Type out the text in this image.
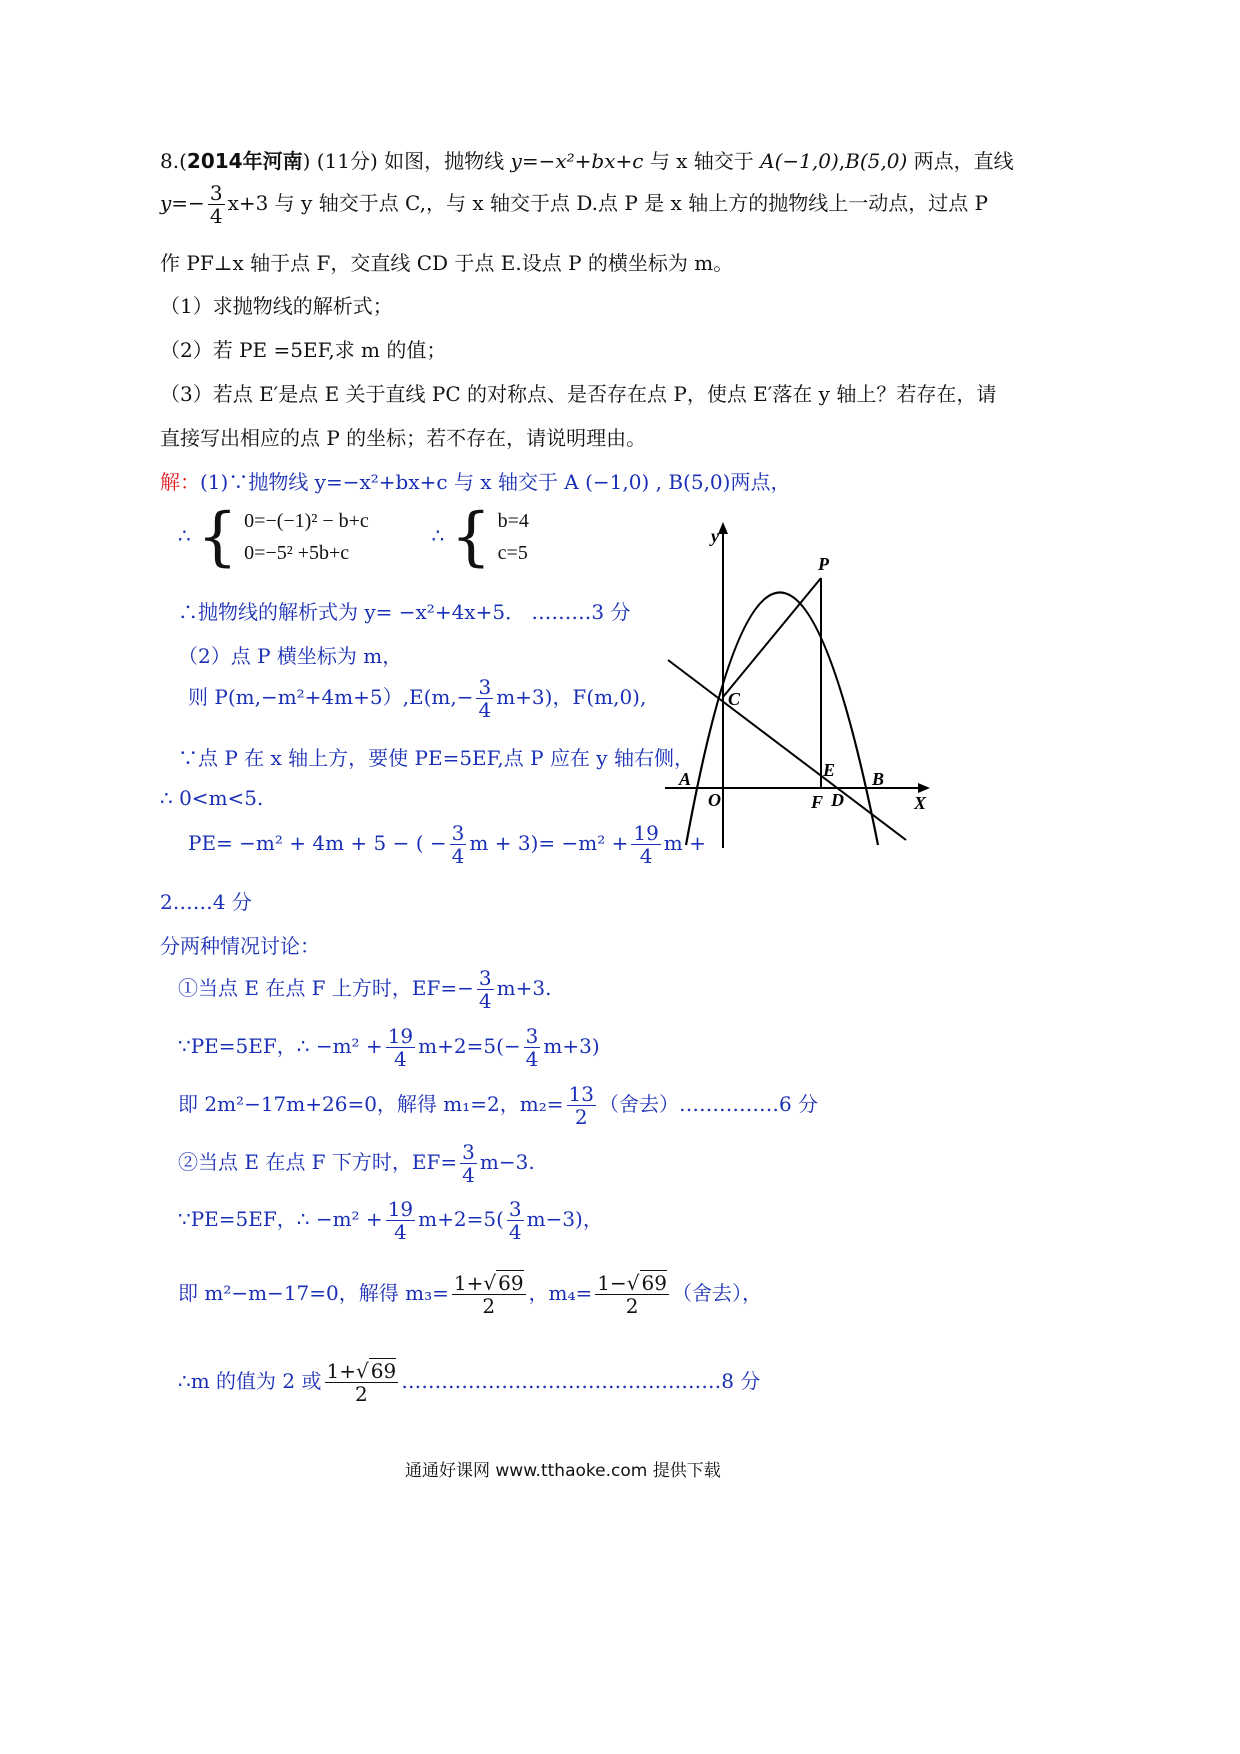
8.(2014年河南) (11分) 如图，抛物线 y=−x²+bx+c 与 x 轴交于 A(−1,0),B(5,0) 两点，直线
$y=- \frac{3}{4} x+3$ 与 y 轴交于点 C,，与 x 轴交于点 D.点 P 是 x 轴上方的抛物线上一动点，过点 P
作 PF⊥x 轴于点 F，交直线 CD 于点 E.设点 P 的横坐标为 m。
（1）求抛物线的解析式；
（2）若 PE =5EF,求 m 的值；
（3）若点 E′是点 E 关于直线 PC 的对称点、是否存在点 P，使点 E′落在 y 轴上？若存在，请
直接写出相应的点 P 的坐标；若不存在，请说明理由。
解：(1)∵抛物线 y=−x²+bx+c 与 x 轴交于 A (−1,0) , B(5,0)两点，
∴ { 0=−(−1)² − b+c
0=−5² +5b+c
∴ { b=4
c=5
∴抛物线的解析式为 y= −x²+4x+5． ………3 分
（2）点 P 横坐标为 m，
则 $P(m,-m^2+4m+5),E(m,- \frac{3}{4} m+3)$，F(m,0),
∵点 P 在 x 轴上方，要使 PE=5EF,点 P 应在 y 轴右侧，
∴ 0<m<5.
PE= −m² + 4m + 5 − ( − $\frac{3}{4}$ $m + 3)= -m^2 + \frac{19}{4}$ m +
2……4 分
分两种情况讨论：
①当点 E 在点 F 上方时，$EF=- \frac{3}{4} m+3$.
∵PE=5EF，∴ $-m^2 + \frac{19}{4} m+2=5(- \frac{3}{4} m+3)$
即 2m²−17m+26=0，解得 m₁=2，$m_2= \frac{13}{2}$ （舍去）……………6 分
②当点 E 在点 F 下方时，$EF= \frac{3}{4} m-3$.
∵PE=5EF，∴ $-m^2 + \frac{19}{4} m+2=5( \frac{3}{4} m-3)$，
即 m²−m−17=0，解得 $m_3= \frac{1+√ 69}{2}$ ，$m_4= \frac{1-√ 69}{2}$ （舍去），
∴m 的值为 2 或 $\frac{1+√ 69}{2}$ …………………………………………8 分
y
X
P
C
A
O
E B
F D
通通好课网 www.tthaoke.com 提供下载
